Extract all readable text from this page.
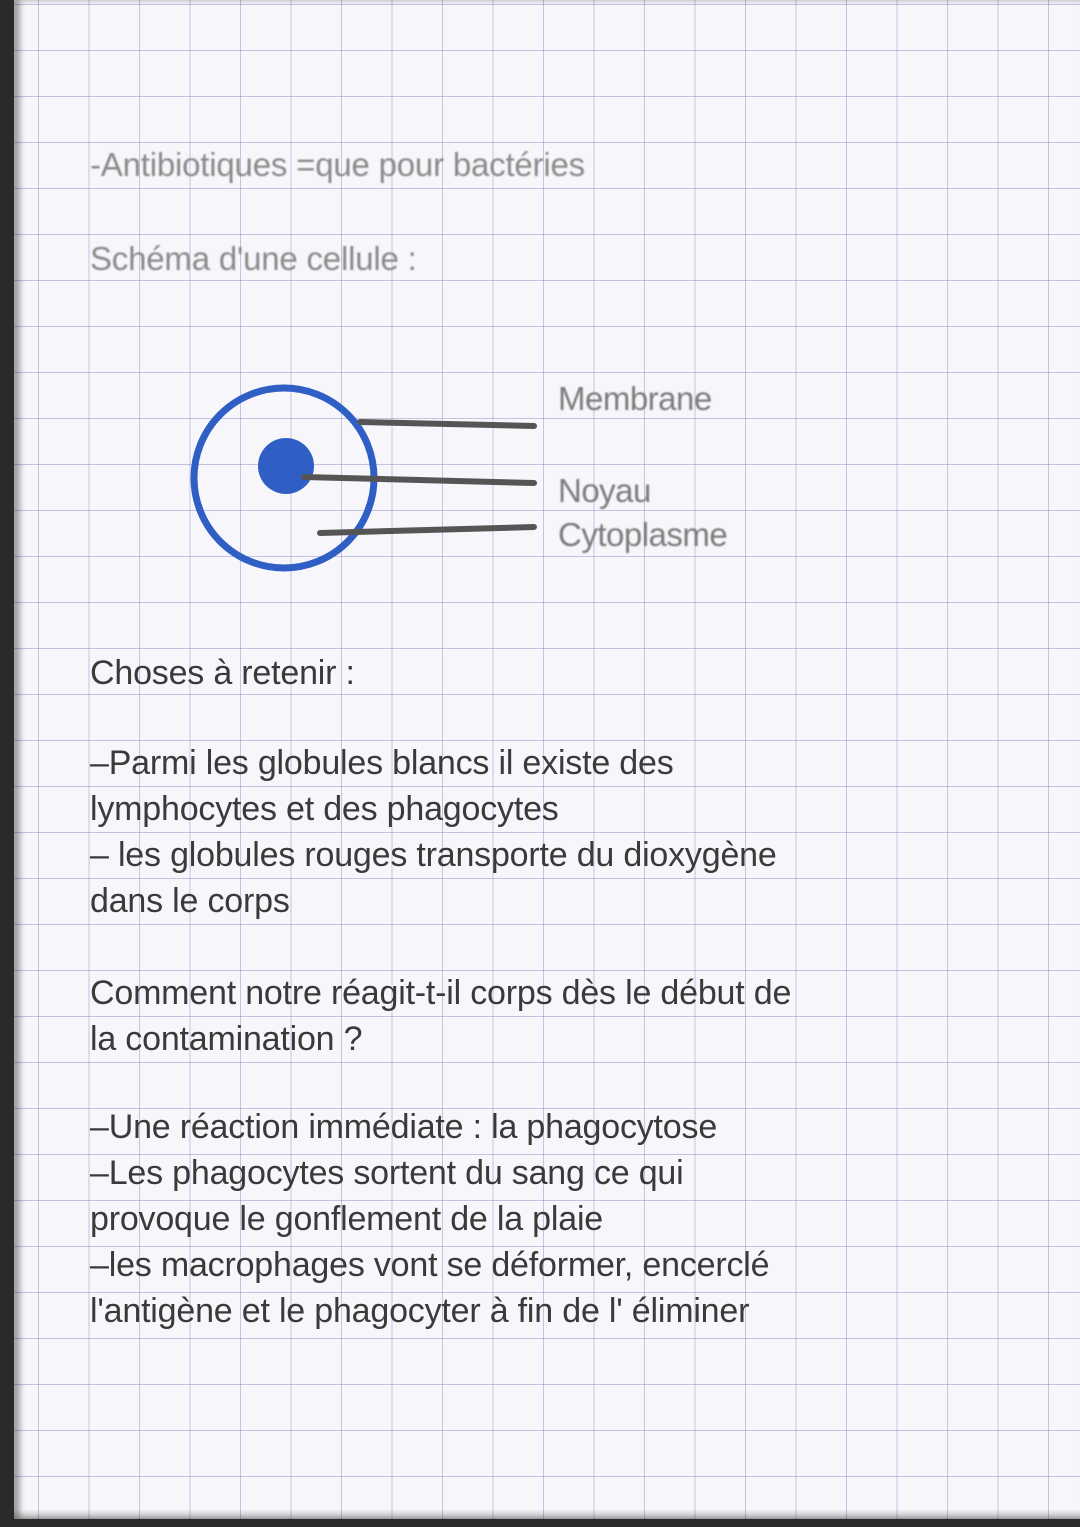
-Antibiotiques =que pour bactéries

Schéma d'une cellule :

Membrane
Noyau
Cytoplasme

Choses à retenir :

–Parmi les globules blancs il existe des
lymphocytes et des phagocytes
– les globules rouges transporte du dioxygène
dans le corps
Comment notre réagit-t-il corps dès le début de
la contamination ?
–Une réaction immédiate : la phagocytose
–Les phagocytes sortent du sang ce qui
provoque le gonflement de la plaie
–les macrophages vont se déformer, encerclé
l'antigène et le phagocyter à fin de l' éliminer
